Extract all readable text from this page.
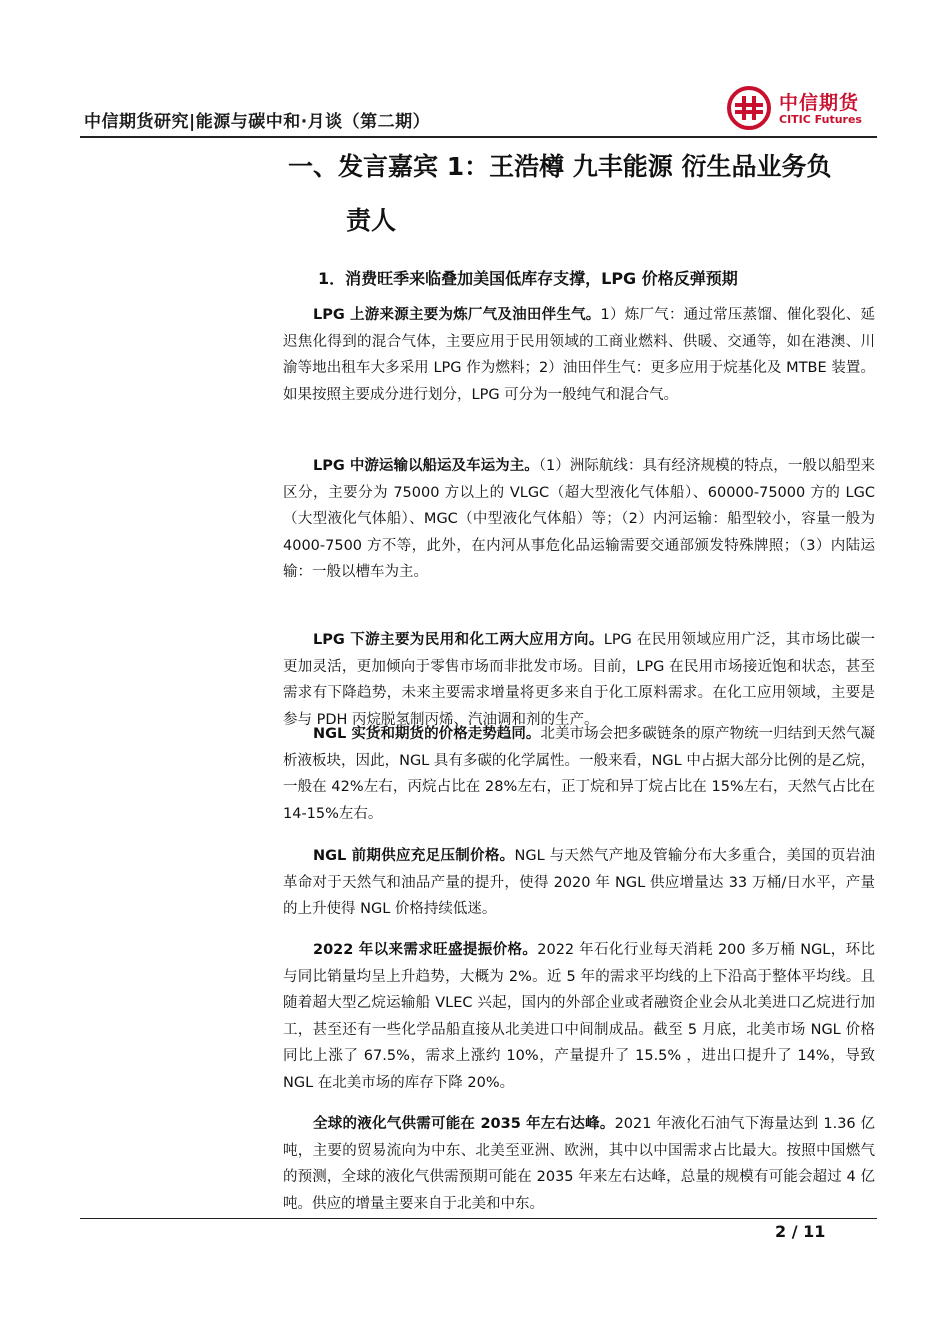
中信期货研究|能源与碳中和·月谈（第二期）
中信期货
CITIC Futures
一、发言嘉宾 1：王浩樽 九丰能源 衍生品业务负
责人
1．消费旺季来临叠加美国低库存支撑，LPG 价格反弹预期
LPG 上游来源主要为炼厂气及油田伴生气。1）炼厂气：通过常压蒸馏、催化裂化、延迟焦化得到的混合气体，主要应用于民用领域的工商业燃料、供暖、交通等，如在港澳、川渝等地出租车大多采用 LPG 作为燃料；2）油田伴生气：更多应用于烷基化及 MTBE 装置。如果按照主要成分进行划分，LPG 可分为一般纯气和混合气。
LPG 中游运输以船运及车运为主。（1）洲际航线：具有经济规模的特点，一般以船型来区分，主要分为 75000 方以上的 VLGC（超大型液化气体船）、60000-75000 方的 LGC（大型液化气体船）、MGC（中型液化气体船）等；（2）内河运输：船型较小，容量一般为 4000-7500 方不等，此外，在内河从事危化品运输需要交通部颁发特殊牌照；（3）内陆运输：一般以槽车为主。
LPG 下游主要为民用和化工两大应用方向。LPG 在民用领域应用广泛，其市场比碳一更加灵活，更加倾向于零售市场而非批发市场。目前，LPG 在民用市场接近饱和状态，甚至需求有下降趋势，未来主要需求增量将更多来自于化工原料需求。在化工应用领域，主要是参与 PDH 丙烷脱氢制丙烯、汽油调和剂的生产。
NGL 实货和期货的价格走势趋同。北美市场会把多碳链条的原产物统一归结到天然气凝析液板块，因此，NGL 具有多碳的化学属性。一般来看，NGL 中占据大部分比例的是乙烷，一般在 42%左右，丙烷占比在 28%左右，正丁烷和异丁烷占比在 15%左右，天然气占比在 14-15%左右。
NGL 前期供应充足压制价格。NGL 与天然气产地及管输分布大多重合，美国的页岩油革命对于天然气和油品产量的提升，使得 2020 年 NGL 供应增量达 33 万桶/日水平，产量的上升使得 NGL 价格持续低迷。
2022 年以来需求旺盛提振价格。2022 年石化行业每天消耗 200 多万桶 NGL，环比与同比销量均呈上升趋势，大概为 2%。近 5 年的需求平均线的上下沿高于整体平均线。且随着超大型乙烷运输船 VLEC 兴起，国内的外部企业或者融资企业会从北美进口乙烷进行加工，甚至还有一些化学品船直接从北美进口中间制成品。截至 5 月底，北美市场 NGL 价格同比上涨了 67.5%，需求上涨约 10%，产量提升了 15.5% ，进出口提升了 14%，导致 NGL 在北美市场的库存下降 20%。
全球的液化气供需可能在 2035 年左右达峰。2021 年液化石油气下海量达到 1.36 亿吨，主要的贸易流向为中东、北美至亚洲、欧洲，其中以中国需求占比最大。按照中国燃气的预测，全球的液化气供需预期可能在 2035 年来左右达峰，总量的规模有可能会超过 4 亿吨。供应的增量主要来自于北美和中东。
2 / 11
